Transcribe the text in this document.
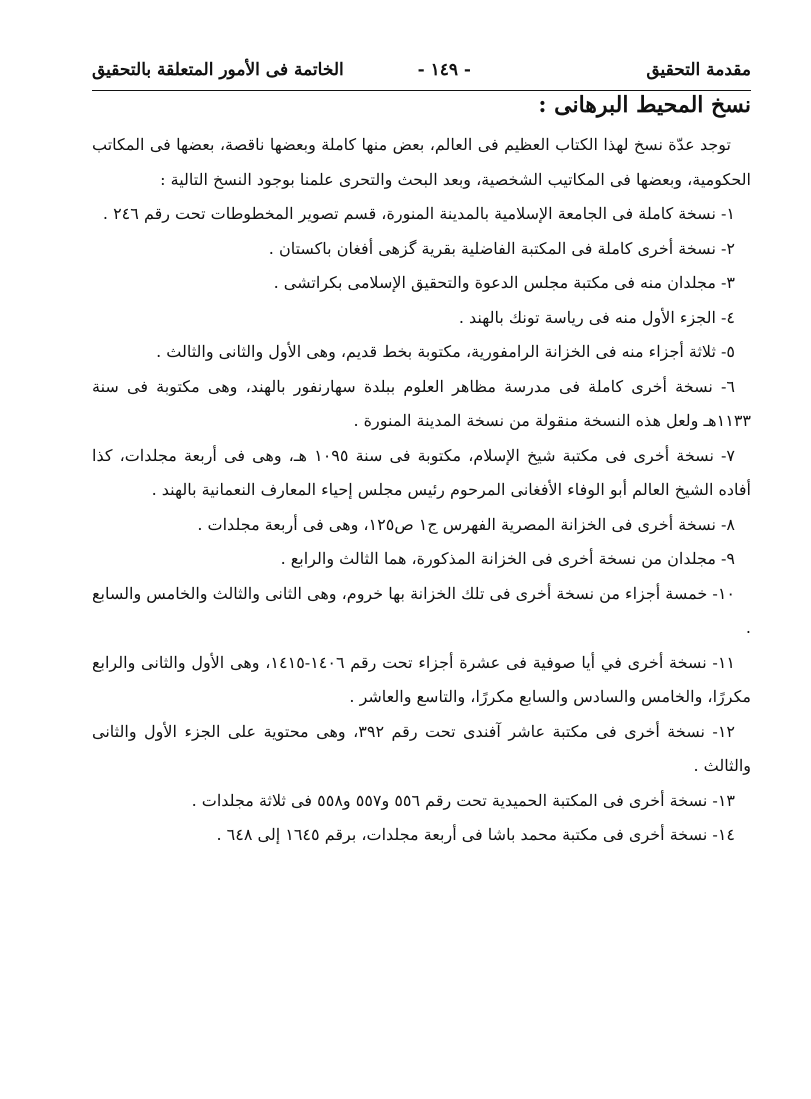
مقدمة التحقيق
- ١٤٩ -
الخاتمة فى الأمور المتعلقة بالتحقيق
نسخ المحيط البرهانى :

توجد عدّة نسخ لهذا الكتاب العظيم فى العالم، بعض منها كاملة وبعضها ناقصة، بعضها فى المكاتب الحكومية، وبعضها فى المكاتيب الشخصية، وبعد البحث والتحرى علمنا بوجود النسخ التالية :

١- نسخة كاملة فى الجامعة الإسلامية بالمدينة المنورة، قسم تصوير المخطوطات تحت رقم ٢٤٦ .

٢- نسخة أخرى كاملة فى المكتبة الفاضلية بقرية گزهى أفغان باكستان .

٣- مجلدان منه فى مكتبة مجلس الدعوة والتحقيق الإسلامى بكراتشى .

٤- الجزء الأول منه فى رياسة تونك بالهند .

٥- ثلاثة أجزاء منه فى الخزانة الرامفورية، مكتوبة بخط قديم، وهى الأول والثانى والثالث .

٦- نسخة أخرى كاملة فى مدرسة مظاهر العلوم ببلدة سهارنفور بالهند، وهى مكتوبة فى سنة ١١٣٣هـ ولعل هذه النسخة منقولة من نسخة المدينة المنورة .

٧- نسخة أخرى فى مكتبة شيخ الإسلام، مكتوبة فى سنة ١٠٩٥ هـ، وهى فى أربعة مجلدات، كذا أفاده الشيخ العالم أبو الوفاء الأفغانى المرحوم رئيس مجلس إحياء المعارف النعمانية بالهند .

٨- نسخة أخرى فى الخزانة المصرية الفهرس ج١ ص١٢٥، وهى فى أربعة مجلدات .

٩- مجلدان من نسخة أخرى فى الخزانة المذكورة، هما الثالث والرابع .

١٠- خمسة أجزاء من نسخة أخرى فى تلك الخزانة بها خروم، وهى الثانى والثالث والخامس والسابع .

١١- نسخة أخرى في أيا صوفية فى عشرة أجزاء تحت رقم ١٤٠٦-١٤١٥، وهى الأول والثانى والرابع مكررًا، والخامس والسادس والسابع مكررًا، والتاسع والعاشر .

١٢- نسخة أخرى فى مكتبة عاشر آفندى تحت رقم ٣٩٢، وهى محتوية على الجزء الأول والثانى والثالث .

١٣- نسخة أخرى فى المكتبة الحميدية تحت رقم ٥٥٦ و٥٥٧ و٥٥٨ فى ثلاثة مجلدات .

١٤- نسخة أخرى فى مكتبة محمد باشا فى أربعة مجلدات، برقم ١٦٤٥ إلى ٦٤٨ .
